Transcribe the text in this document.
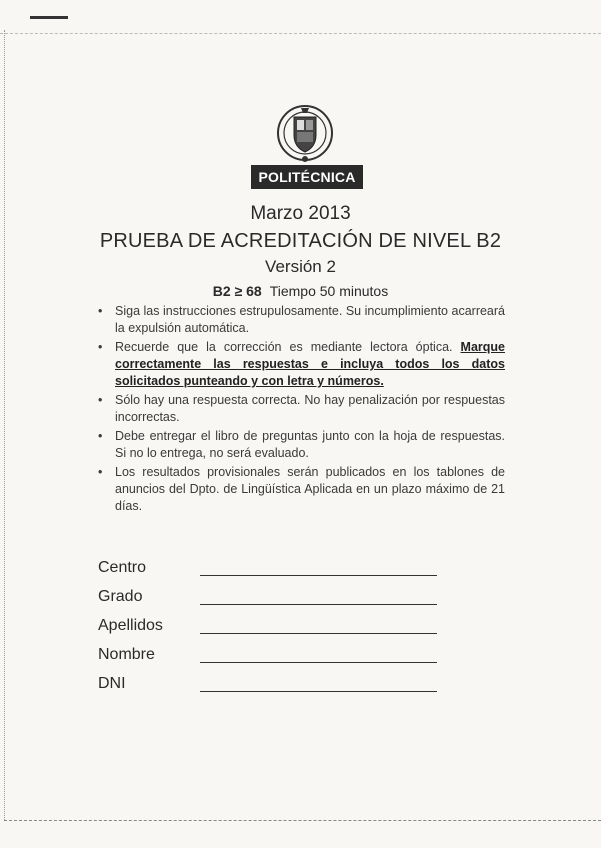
POLITÉCNICA
Marzo 2013
PRUEBA DE ACREDITACIÓN DE NIVEL B2
Versión 2
B2 ≥ 68 Tiempo 50 minutos
• Siga las instrucciones estrupulosamente. Su incumplimiento acarreará la expulsión automática.
• Recuerde que la corrección es mediante lectora óptica. Marque correctamente las respuestas e incluya todos los datos solicitados punteando y con letra y números.
• Sólo hay una respuesta correcta. No hay penalización por respuestas incorrectas.
• Debe entregar el libro de preguntas junto con la hoja de respuestas. Si no lo entrega, no será evaluado.
• Los resultados provisionales serán publicados en los tablones de anuncios del Dpto. de Lingüística Aplicada en un plazo máximo de 21 días.
Centro
Grado
Apellidos
Nombre
DNI
